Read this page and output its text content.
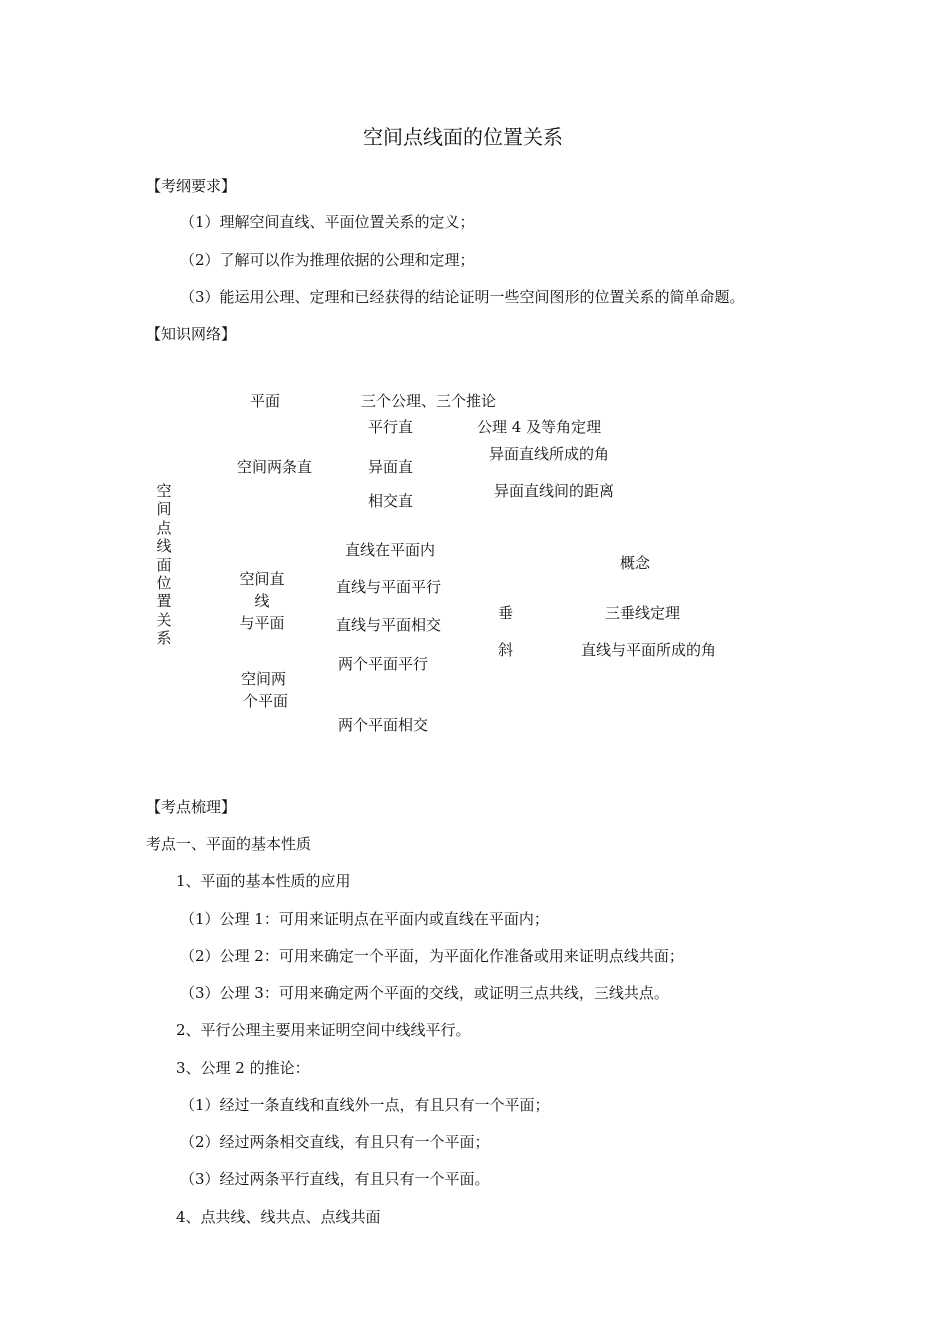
空间点线面的位置关系
【考纲要求】
（1）理解空间直线、平面位置关系的定义；
（2）了解可以作为推理依据的公理和定理；
（3）能运用公理、定理和已经获得的结论证明一些空间图形的位置关系的简单命题。
【知识网络】
空间点线面位置关系
平面	三个公理、三个推论
平行直	公理 4 及等角定理
异面直线所成的角
空间两条直	异面直
异面直线间的距离
相交直
直线在平面内
概念
空间直
线
与平面
直线与平面平行
垂	三垂线定理
直线与平面相交
斜	直线与平面所成的角
两个平面平行
空间两
个平面
两个平面相交
【考点梳理】
考点一、平面的基本性质
1、平面的基本性质的应用
（1）公理 1：可用来证明点在平面内或直线在平面内；
（2）公理 2：可用来确定一个平面，为平面化作准备或用来证明点线共面；
（3）公理 3：可用来确定两个平面的交线，或证明三点共线，三线共点。
2、平行公理主要用来证明空间中线线平行。
3、公理 2 的推论：
（1）经过一条直线和直线外一点，有且只有一个平面；
（2）经过两条相交直线，有且只有一个平面；
（3）经过两条平行直线，有且只有一个平面。
4、点共线、线共点、点线共面
